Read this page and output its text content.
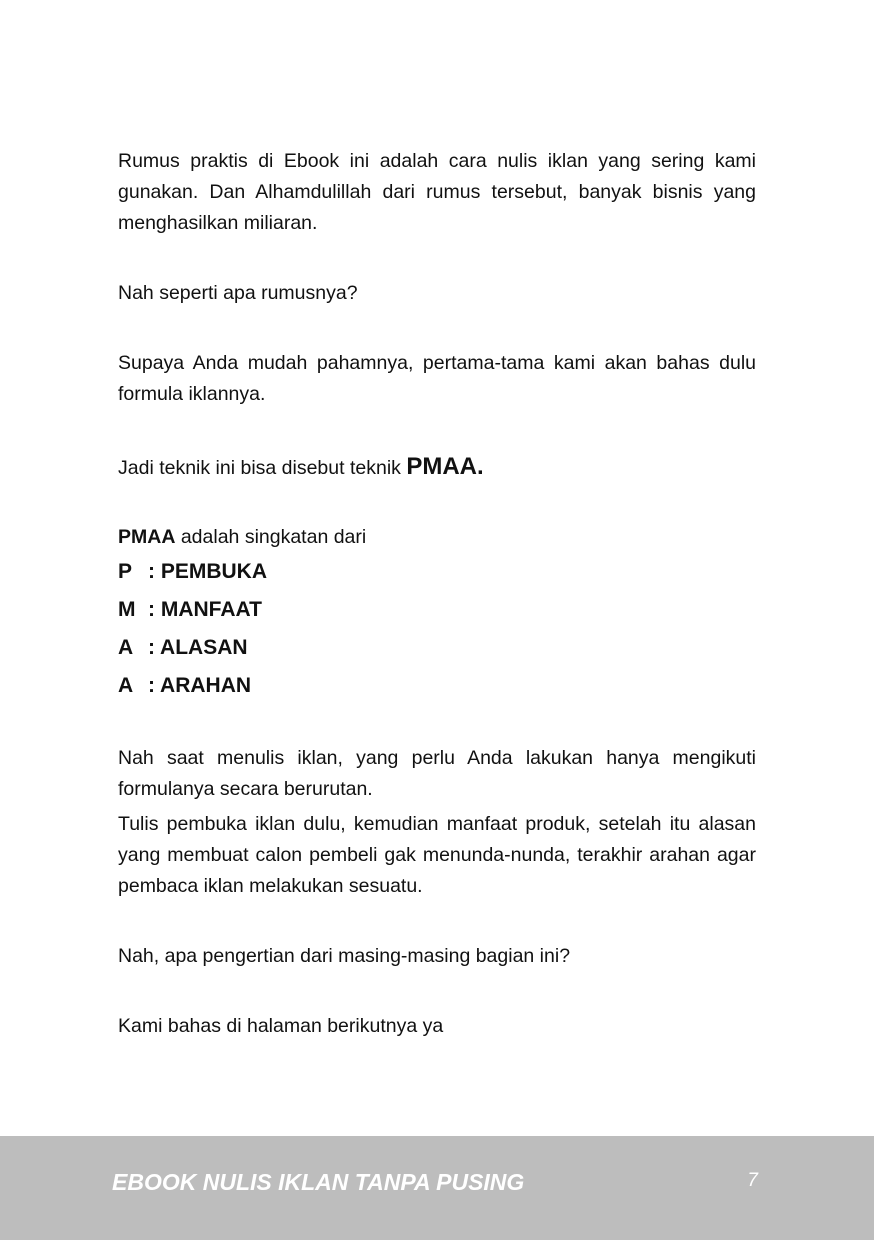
Rumus praktis di Ebook ini adalah cara nulis iklan yang sering kami gunakan. Dan Alhamdulillah dari rumus tersebut, banyak bisnis yang menghasilkan miliaran.

Nah seperti apa rumusnya?

Supaya Anda mudah pahamnya, pertama-tama kami akan bahas dulu formula iklannya.

Jadi teknik ini bisa disebut teknik PMAA.
PMAA adalah singkatan dari
P : PEMBUKA
M : MANFAAT
A : ALASAN
A : ARAHAN

Nah saat menulis iklan, yang perlu Anda lakukan hanya mengikuti formulanya secara berurutan.

Tulis pembuka iklan dulu, kemudian manfaat produk, setelah itu alasan yang membuat calon pembeli gak menunda-nunda, terakhir arahan agar pembaca iklan melakukan sesuatu.

Nah, apa pengertian dari masing-masing bagian ini?

Kami bahas di halaman berikutnya ya

EBOOK NULIS IKLAN TANPA PUSING	7
